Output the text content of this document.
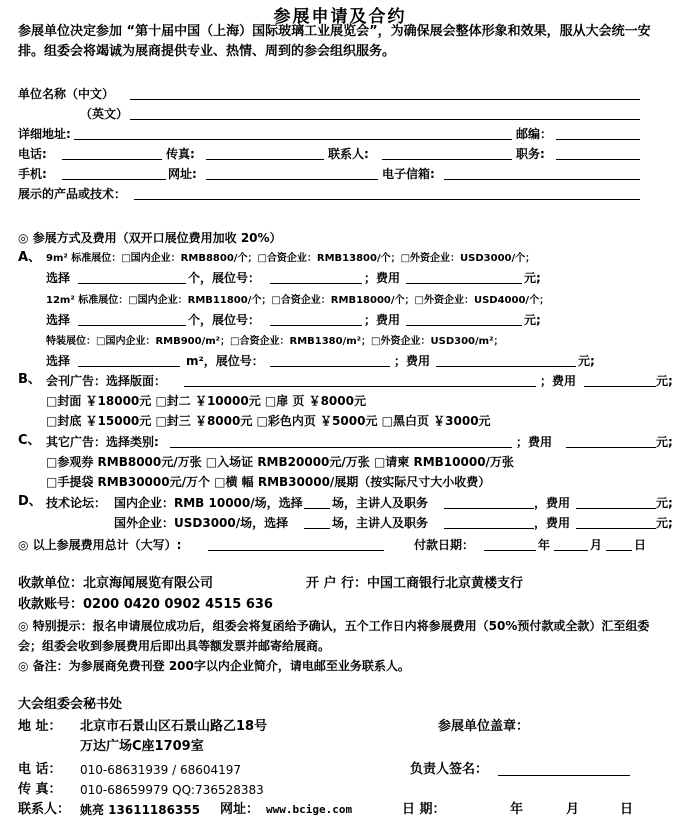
参展申请及合约
参展单位决定参加 “第十届中国（上海）国际玻璃工业展览会”，为确保展会整体形象和效果，服从大会统一安排。组委会将竭诚为展商提供专业、热情、周到的参会组织服务。
单位名称（中文）
（英文）
详细地址:	邮编：
电话:	传真:	联系人:	职务:
手机:	网址:	电子信箱:
展示的产品或技术：
◎ 参展方式及费用（双开口展位费用加收 20%）
A、 9m² 标准展位：□国内企业：RMB8800/个；□合资企业：RMB13800/个；□外资企业：USD3000/个；
选择	个，展位号：	；费用	元;
12m² 标准展位：□国内企业：RMB11800/个；□合资企业：RMB18000/个；□外资企业：USD4000/个；
选择	个，展位号：	；费用	元;
特装展位：□国内企业：RMB900/m²；□合资企业：RMB1380/m²；□外资企业：USD300/m²；
选择	m²，展位号：	；费用	元;
B、 会刊广告：选择版面：	；费用	元;
□封面 ￥18000元 □封二 ￥10000元 □扉 页 ￥8000元
□封底 ￥15000元 □封三 ￥8000元 □彩色内页 ￥5000元 □黑白页 ￥3000元
C、 其它广告：选择类别:	；费用	元;
□参观券 RMB8000元/万张 □入场证 RMB20000元/万张 □请柬 RMB10000/万张
□手提袋 RMB30000元/万个 □横 幅 RMB30000/展期（按实际尺寸大小收费）
D、 技术论坛： 国内企业：RMB 10000/场，选择 场，主讲人及职务	，费用	元;
国外企业：USD3000/场，选择	场，主讲人及职务	，费用	元;
◎ 以上参展费用总计（大写）:	付款日期：	年	月	日
收款单位：北京海闻展览有限公司	开 户 行：中国工商银行北京黄楼支行
收款账号：0200 0420 0902 4515 636
◎ 特别提示：报名申请展位成功后，组委会将复函给予确认，五个工作日内将参展费用（50%预付款或全款）汇至组委会；组委会收到参展费用后即出具等额发票并邮寄给展商。
◎ 备注：为参展商免费刊登 200字以内企业简介，请电邮至业务联系人。
大会组委会秘书处
地 址： 北京市石景山区石景山路乙18号
万达广场C座1709室
参展单位盖章：
电 话： 010-68631939 / 68604197	负责人签名：
传 真： 010-68659979 QQ:736528383
联系人： 姚亮 13611186355 网址： www.bcige.com	日 期：	年	月	日
